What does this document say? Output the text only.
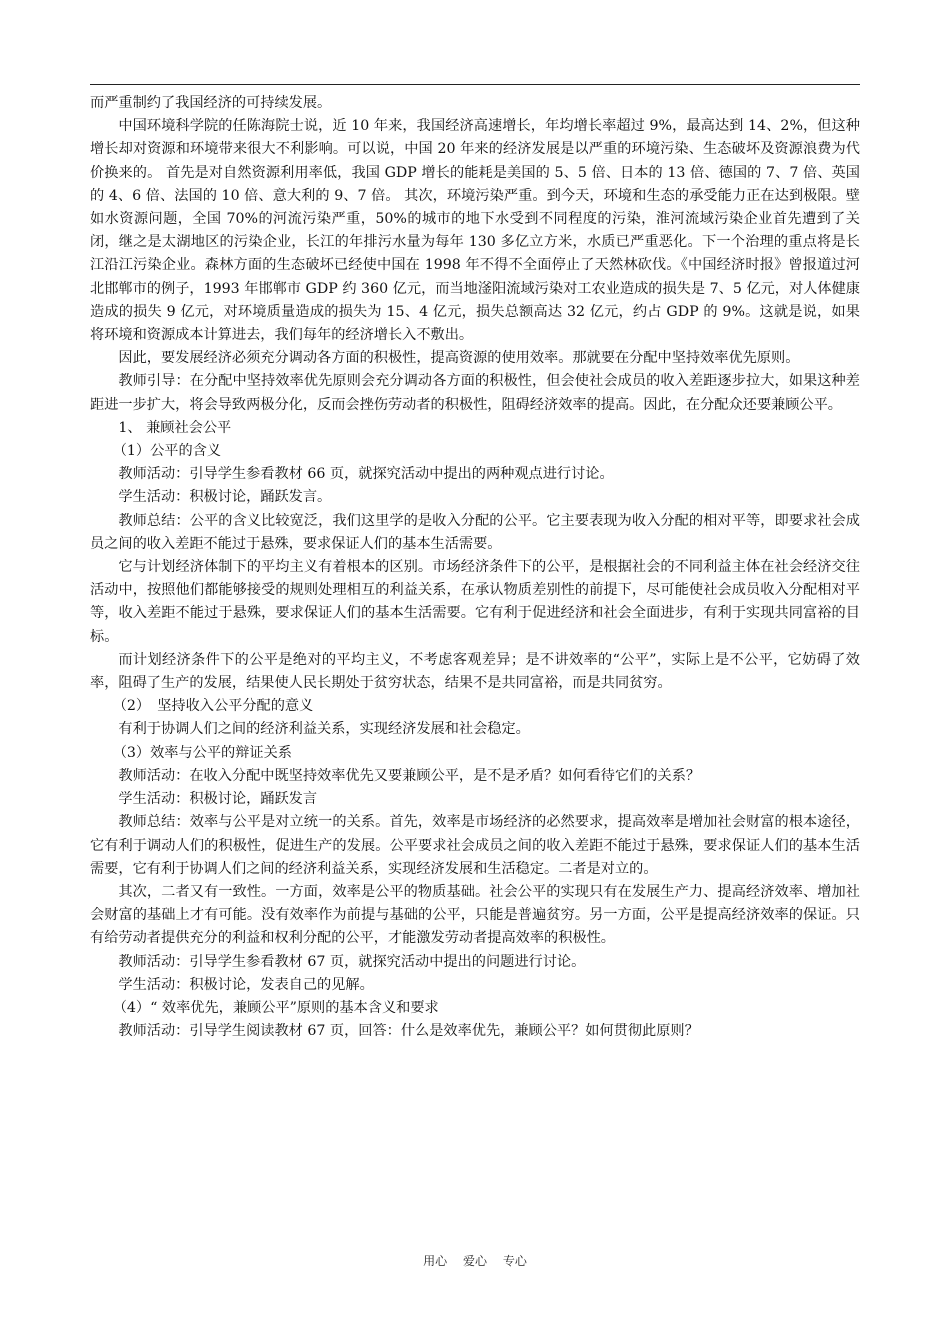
而严重制约了我国经济的可持续发展。

中国环境科学院的任陈海院士说，近 10 年来，我国经济高速增长，年均增长率超过 9%，最高达到 14、2%，但这种增长却对资源和环境带来很大不利影响。可以说，中国 20 年来的经济发展是以严重的环境污染、生态破坏及资源浪费为代价换来的。 首先是对自然资源利用率低，我国 GDP 增长的能耗是美国的 5、5 倍、日本的 13 倍、德国的 7、7 倍、英国的 4、6 倍、法国的 10 倍、意大利的 9、7 倍。 其次，环境污染严重。到今天，环境和生态的承受能力正在达到极限。壁如水资源问题，全国 70%的河流污染严重，50%的城市的地下水受到不同程度的污染，淮河流域污染企业首先遭到了关闭，继之是太湖地区的污染企业，长江的年排污水量为每年 130 多亿立方米，水质已严重恶化。下一个治理的重点将是长江沿江污染企业。森林方面的生态破坏已经使中国在 1998 年不得不全面停止了天然林砍伐。《中国经济时报》曾报道过河北邯郸市的例子，1993 年邯郸市 GDP 约 360 亿元，而当地滏阳流域污染对工农业造成的损失是 7、5 亿元，对人体健康造成的损失 9 亿元，对环境质量造成的损失为 15、4 亿元，损失总额高达 32 亿元，约占 GDP 的 9%。这就是说，如果将环境和资源成本计算进去，我们每年的经济增长入不敷出。

因此，要发展经济必须充分调动各方面的积极性，提高资源的使用效率。那就要在分配中坚持效率优先原则。

教师引导：在分配中坚持效率优先原则会充分调动各方面的积极性，但会使社会成员的收入差距逐步拉大，如果这种差距进一步扩大，将会导致两极分化，反而会挫伤劳动者的积极性，阻碍经济效率的提高。因此，在分配众还要兼顾公平。

1、 兼顾社会公平

（1）公平的含义

教师活动：引导学生参看教材 66 页，就探究活动中提出的两种观点进行讨论。

学生活动：积极讨论，踊跃发言。

教师总结：公平的含义比较宽泛，我们这里学的是收入分配的公平。它主要表现为收入分配的相对平等，即要求社会成员之间的收入差距不能过于悬殊，要求保证人们的基本生活需要。

它与计划经济体制下的平均主义有着根本的区别。市场经济条件下的公平，是根据社会的不同利益主体在社会经济交往活动中，按照他们都能够接受的规则处理相互的利益关系，在承认物质差别性的前提下，尽可能使社会成员收入分配相对平等，收入差距不能过于悬殊，要求保证人们的基本生活需要。它有利于促进经济和社会全面进步，有利于实现共同富裕的目标。

而计划经济条件下的公平是绝对的平均主义，不考虑客观差异；是不讲效率的“公平”，实际上是不公平，它妨碍了效率，阻碍了生产的发展，结果使人民长期处于贫穷状态，结果不是共同富裕，而是共同贫穷。

（2）　坚持收入公平分配的意义

有利于协调人们之间的经济利益关系，实现经济发展和社会稳定。

（3）效率与公平的辩证关系

教师活动：在收入分配中既坚持效率优先又要兼顾公平，是不是矛盾？如何看待它们的关系？

学生活动：积极讨论，踊跃发言

教师总结：效率与公平是对立统一的关系。首先，效率是市场经济的必然要求，提高效率是增加社会财富的根本途径，它有利于调动人们的积极性，促进生产的发展。公平要求社会成员之间的收入差距不能过于悬殊，要求保证人们的基本生活需要，它有利于协调人们之间的经济利益关系，实现经济发展和生活稳定。二者是对立的。

其次，二者又有一致性。一方面，效率是公平的物质基础。社会公平的实现只有在发展生产力、提高经济效率、增加社会财富的基础上才有可能。没有效率作为前提与基础的公平，只能是普遍贫穷。另一方面，公平是提高经济效率的保证。只有给劳动者提供充分的利益和权利分配的公平，才能激发劳动者提高效率的积极性。

教师活动：引导学生参看教材 67 页，就探究活动中提出的问题进行讨论。

学生活动：积极讨论，发表自己的见解。

（4）“ 效率优先，兼顾公平”原则的基本含义和要求

教师活动：引导学生阅读教材 67 页，回答：什么是效率优先，兼顾公平？如何贯彻此原则？

用心 爱心 专心
